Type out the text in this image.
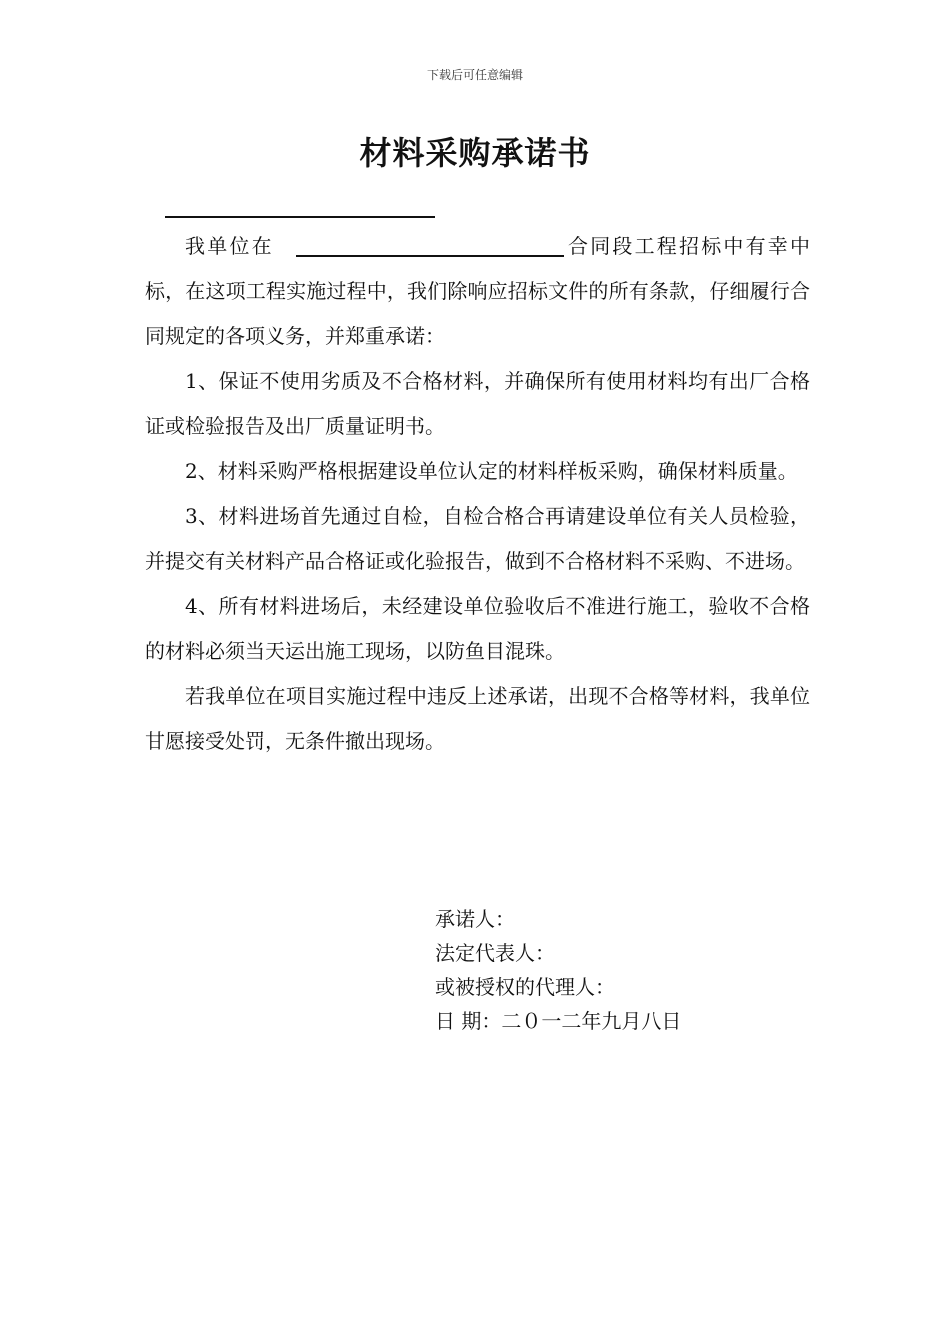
下载后可任意编辑
材料采购承诺书

我单位在	合同段工程招标中有幸中标，在这项工程实施过程中，我们除响应招标文件的所有条款，仔细履行合同规定的各项义务，并郑重承诺：

1、保证不使用劣质及不合格材料，并确保所有使用材料均有出厂合格证或检验报告及出厂质量证明书。

2、材料采购严格根据建设单位认定的材料样板采购，确保材料质量。

3、材料进场首先通过自检，自检合格合再请建设单位有关人员检验，并提交有关材料产品合格证或化验报告，做到不合格材料不采购、不进场。

4、所有材料进场后，未经建设单位验收后不准进行施工，验收不合格的材料必须当天运出施工现场，以防鱼目混珠。

若我单位在项目实施过程中违反上述承诺，出现不合格等材料，我单位甘愿接受处罚，无条件撤出现场。

承诺人：

法定代表人：

或被授权的代理人：

日 期：二０一二年九月八日
